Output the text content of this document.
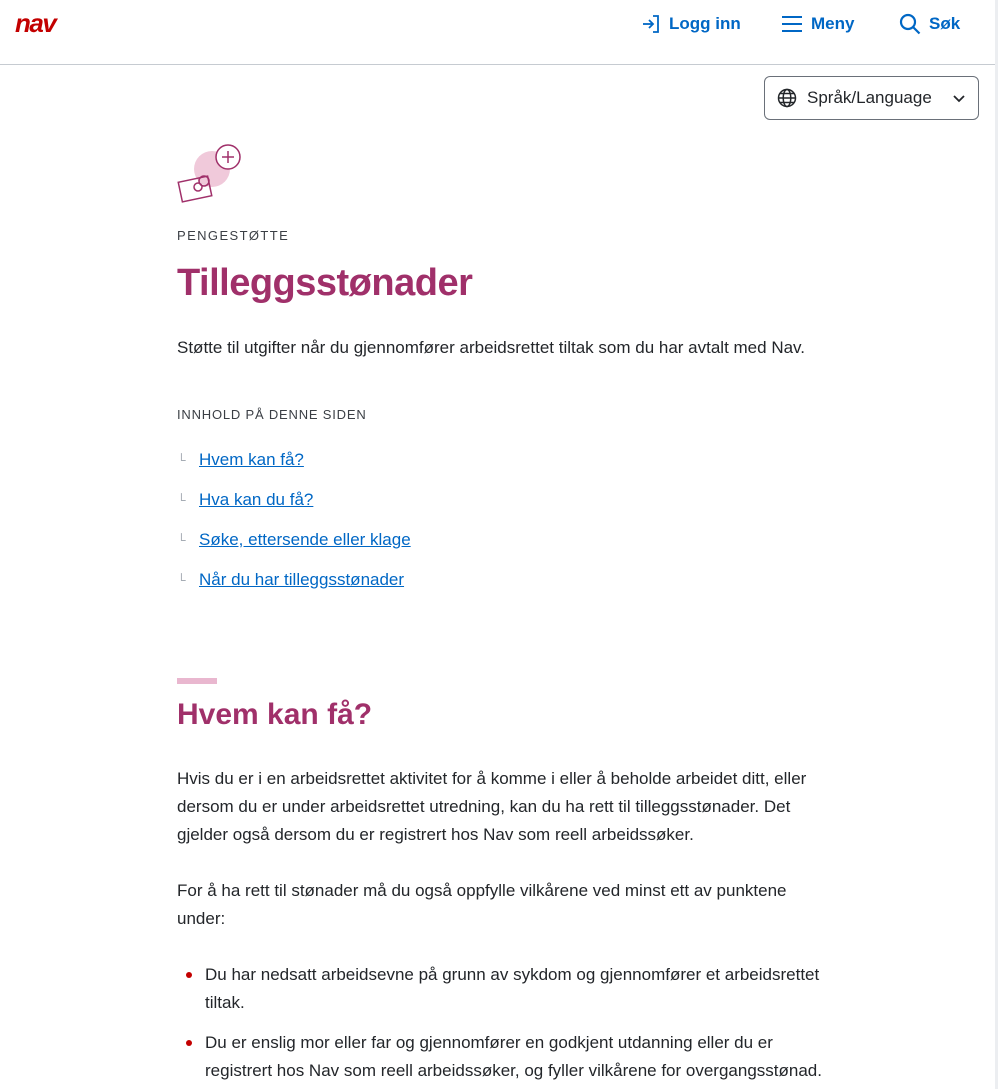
nav	Logg inn	Meny	Søk
Språk/Language
PENGESTØTTE
Tilleggsstønader

Støtte til utgifter når du gjennomfører arbeidsrettet tiltak som du har avtalt med Nav.

INNHOLD PÅ DENNE SIDEN
└ Hvem kan få?
└ Hva kan du få?
└ Søke, ettersende eller klage
└ Når du har tilleggsstønader
Hvem kan få?

Hvis du er i en arbeidsrettet aktivitet for å komme i eller å beholde arbeidet ditt, eller dersom du er under arbeidsrettet utredning, kan du ha rett til tilleggsstønader. Det gjelder også dersom du er registrert hos Nav som reell arbeidssøker.

For å ha rett til stønader må du også oppfylle vilkårene ved minst ett av punktene under:

Du har nedsatt arbeidsevne på grunn av sykdom og gjennomfører et arbeidsrettet tiltak.
Du er enslig mor eller far og gjennomfører en godkjent utdanning eller du er registrert hos Nav som reell arbeidssøker, og fyller vilkårene for overgangsstønad.
